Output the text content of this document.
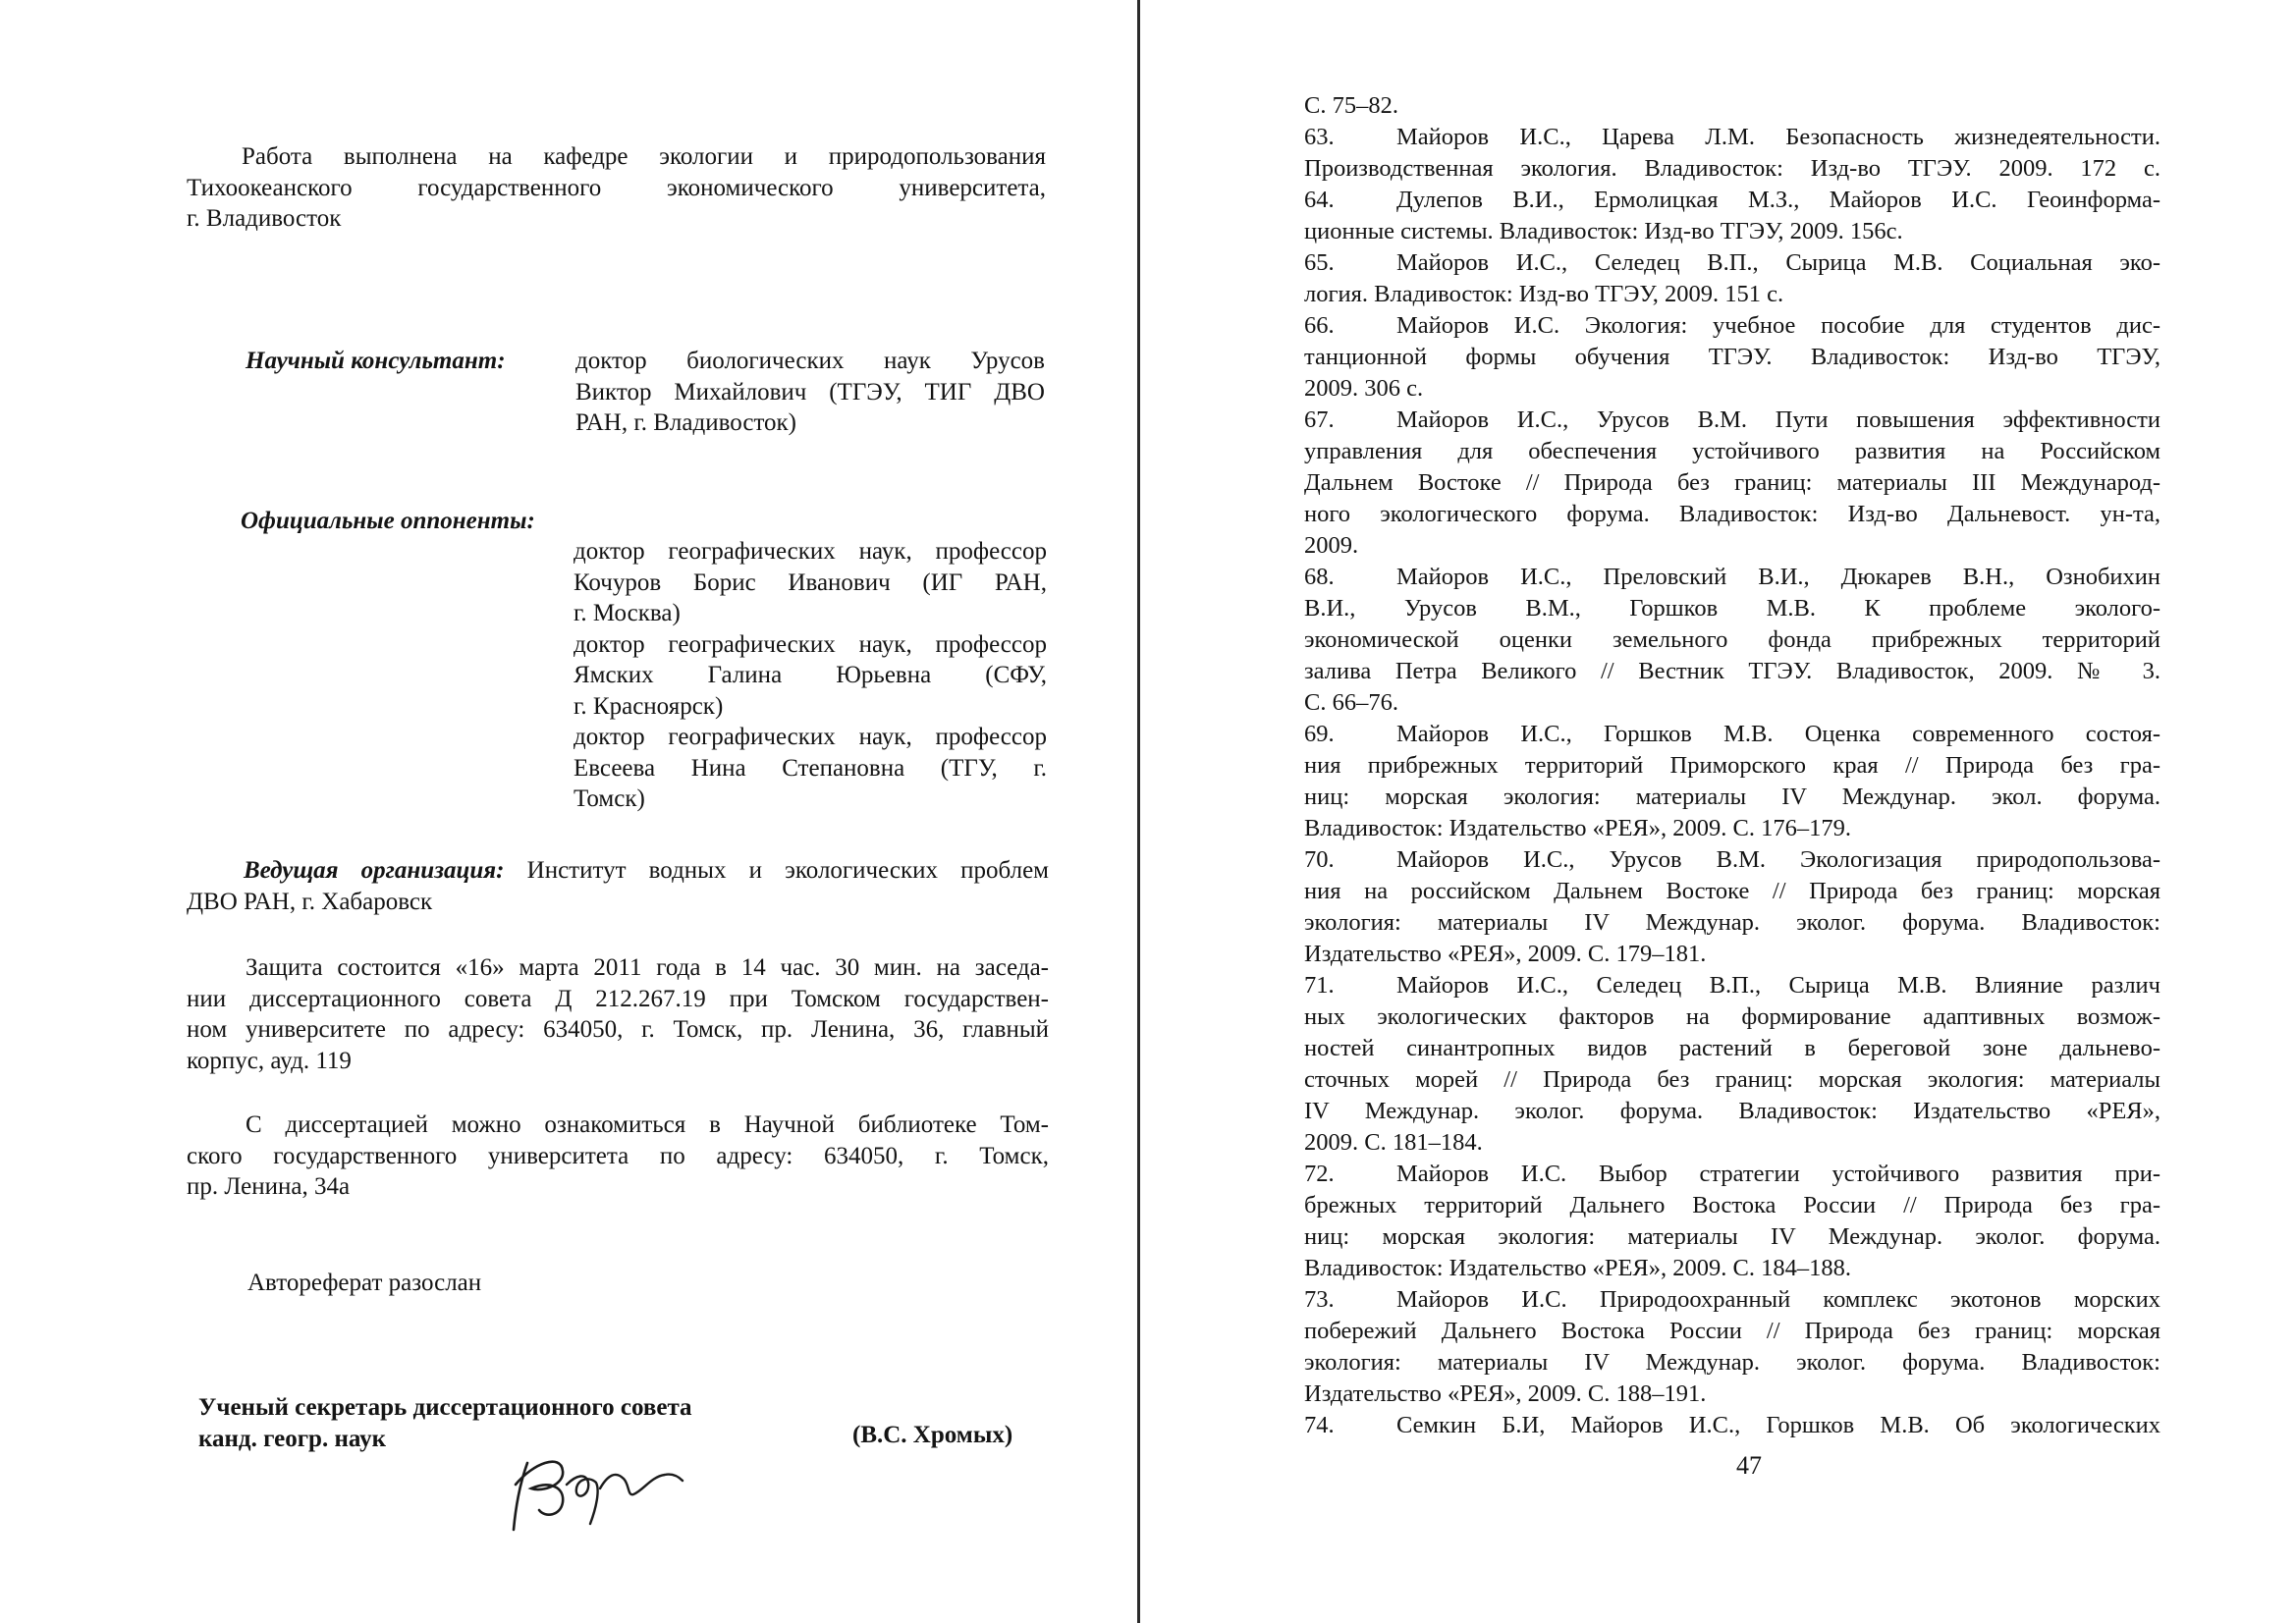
Работа выполнена на кафедре экологии и природопользования
Тихоокеанского государственного экономического университета,
г. Владивосток
Научный консультант:	доктор биологических наук Урусов
Виктор Михайлович (ТГЭУ, ТИГ ДВО
РАН, г. Владивосток)
Официальные оппоненты:
доктор географических наук, профессор
Кочуров Борис Иванович (ИГ РАН,
г. Москва)
доктор географических наук, профессор
Ямских Галина Юрьевна (СФУ,
г. Красноярск)
доктор географических наук, профессор
Евсеева Нина Степановна (ТГУ, г.
Томск)
Ведущая организация: Институт водных и экологических проблем
ДВО РАН, г. Хабаровск
Защита состоится «16» марта 2011 года в 14 час. 30 мин. на заседа-
нии диссертационного совета Д 212.267.19 при Томском государствен-
ном университете по адресу: 634050, г. Томск, пр. Ленина, 36, главный
корпус, ауд. 119
С диссертацией можно ознакомиться в Научной библиотеке Том-
ского государственного университета по адресу: 634050, г. Томск,
пр. Ленина, 34а
Автореферат разослан
Ученый секретарь диссертационного совета
канд. геогр. наук	(В.С. Хромых)
С. 75–82.
63.	Майоров И.С., Царева Л.М. Безопасность жизнедеятельности.
Производственная экология. Владивосток: Изд-во ТГЭУ. 2009. 172 с.
64.	Дулепов В.И., Ермолицкая М.З., Майоров И.С. Геоинформа-
ционные системы. Владивосток: Изд-во ТГЭУ, 2009. 156с.
65.	Майоров И.С., Селедец В.П., Сырица М.В. Социальная эко-
логия. Владивосток: Изд-во ТГЭУ, 2009. 151 с.
66.	Майоров И.С. Экология: учебное пособие для студентов дис-
танционной формы обучения ТГЭУ. Владивосток: Изд-во ТГЭУ,
2009. 306 с.
67.	Майоров И.С., Урусов В.М. Пути повышения эффективности
управления для обеспечения устойчивого развития на Российском
Дальнем Востоке // Природа без границ: материалы III Международ-
ного экологического форума. Владивосток: Изд-во Дальневост. ун-та,
2009.
68.	Майоров И.С., Преловский В.И., Дюкарев В.Н., Ознобихин
В.И., Урусов В.М., Горшков М.В. К проблеме эколого-
экономической оценки земельного фонда прибрежных территорий
залива Петра Великого // Вестник ТГЭУ. Владивосток, 2009. № 3.
С. 66–76.
69.	Майоров И.С., Горшков М.В. Оценка современного состоя-
ния прибрежных территорий Приморского края // Природа без гра-
ниц: морская экология: материалы IV Междунар. экол. форума.
Владивосток: Издательство «РЕЯ», 2009. С. 176–179.
70.	Майоров И.С., Урусов В.М. Экологизация природопользова-
ния на российском Дальнем Востоке // Природа без границ: морская
экология: материалы IV Междунар. эколог. форума. Владивосток:
Издательство «РЕЯ», 2009. С. 179–181.
71.	Майоров И.С., Селедец В.П., Сырица М.В. Влияние различ
ных экологических факторов на формирование адаптивных возмож-
ностей синантропных видов растений в береговой зоне дальнево-
сточных морей // Природа без границ: морская экология: материалы
IV Междунар. эколог. форума. Владивосток: Издательство «РЕЯ»,
2009. С. 181–184.
72.	Майоров И.С. Выбор стратегии устойчивого развития при-
брежных территорий Дальнего Востока России // Природа без гра-
ниц: морская экология: материалы IV Междунар. эколог. форума.
Владивосток: Издательство «РЕЯ», 2009. С. 184–188.
73.	Майоров И.С. Природоохранный комплекс экотонов морских
побережий Дальнего Востока России // Природа без границ: морская
экология: материалы IV Междунар. эколог. форума. Владивосток:
Издательство «РЕЯ», 2009. С. 188–191.
74.	Семкин Б.И, Майоров И.С., Горшков М.В. Об экологических
47
